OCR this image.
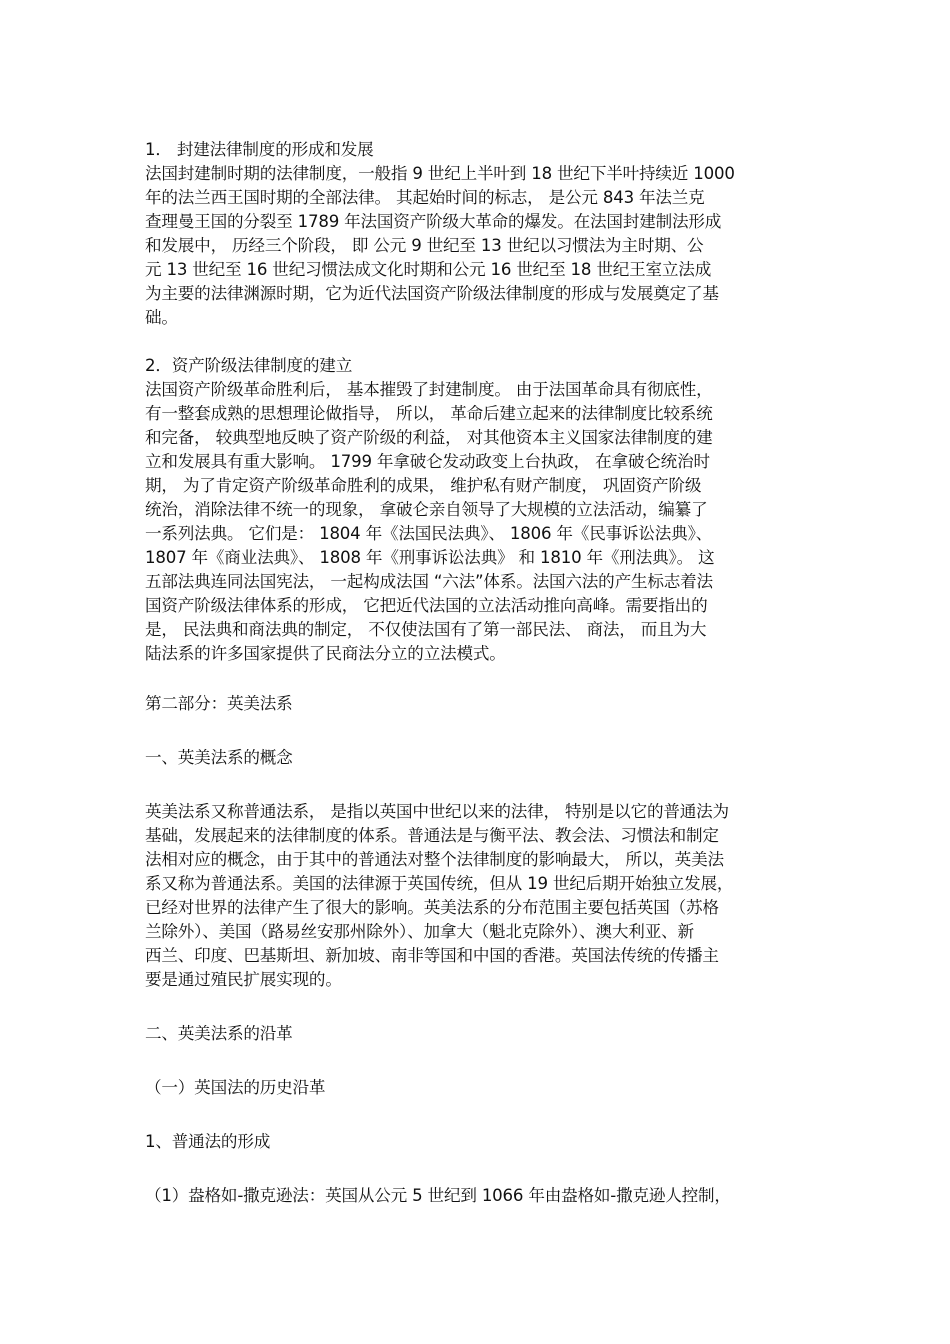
1． 封建法律制度的形成和发展
法国封建制时期的法律制度，一般指 9 世纪上半叶到 18 世纪下半叶持续近 1000
年的法兰西王国时期的全部法律。 其起始时间的标志， 是公元 843 年法兰克
查理曼王国的分裂至 1789 年法国资产阶级大革命的爆发。在法国封建制法形成
和发展中， 历经三个阶段， 即 公元 9 世纪至 13 世纪以习惯法为主时期、公
元 13 世纪至 16 世纪习惯法成文化时期和公元 16 世纪至 18 世纪王室立法成
为主要的法律渊源时期，它为近代法国资产阶级法律制度的形成与发展奠定了基
础。
2．资产阶级法律制度的建立
法国资产阶级革命胜利后， 基本摧毁了封建制度。 由于法国革命具有彻底性，
有一整套成熟的思想理论做指导， 所以， 革命后建立起来的法律制度比较系统
和完备， 较典型地反映了资产阶级的利益， 对其他资本主义国家法律制度的建
立和发展具有重大影响。 1799 年拿破仑发动政变上台执政， 在拿破仑统治时
期， 为了肯定资产阶级革命胜利的成果， 维护私有财产制度， 巩固资产阶级
统治，消除法律不统一的现象， 拿破仑亲自领导了大规模的立法活动，编纂了
一系列法典。 它们是： 1804 年《法国民法典》、 1806 年《民事诉讼法典》、
1807 年《商业法典》、 1808 年《刑事诉讼法典》 和 1810 年《刑法典》。 这
五部法典连同法国宪法， 一起构成法国 “六法”体系。法国六法的产生标志着法
国资产阶级法律体系的形成， 它把近代法国的立法活动推向高峰。需要指出的
是， 民法典和商法典的制定， 不仅使法国有了第一部民法、 商法， 而且为大
陆法系的许多国家提供了民商法分立的立法模式。
第二部分：英美法系
一、英美法系的概念
英美法系又称普通法系， 是指以英国中世纪以来的法律， 特别是以它的普通法为
基础，发展起来的法律制度的体系。普通法是与衡平法、教会法、习惯法和制定
法相对应的概念，由于其中的普通法对整个法律制度的影响最大， 所以，英美法
系又称为普通法系。美国的法律源于英国传统，但从 19 世纪后期开始独立发展，
已经对世界的法律产生了很大的影响。英美法系的分布范围主要包括英国（苏格
兰除外）、美国（路易丝安那州除外）、加拿大（魁北克除外）、澳大利亚、新
西兰、印度、巴基斯坦、新加坡、南非等国和中国的香港。英国法传统的传播主
要是通过殖民扩展实现的。
二、英美法系的沿革
（一）英国法的历史沿革
1、普通法的形成
（1）盎格如-撒克逊法：英国从公元 5 世纪到 1066 年由盎格如-撒克逊人控制，
